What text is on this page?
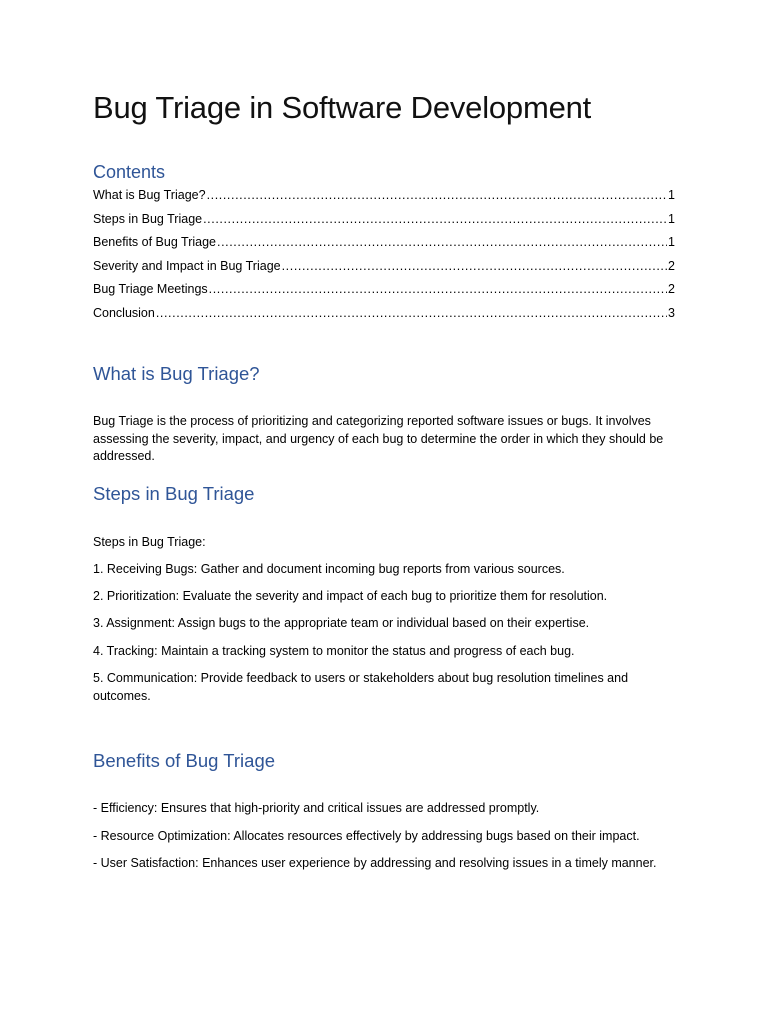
Bug Triage in Software Development
Contents
What is Bug Triage? .....	1
Steps in Bug Triage .....	1
Benefits of Bug Triage .....	1
Severity and Impact in Bug Triage .....	2
Bug Triage Meetings .....	2
Conclusion .....	3
What is Bug Triage?

Bug Triage is the process of prioritizing and categorizing reported software issues or bugs. It involves assessing the severity, impact, and urgency of each bug to determine the order in which they should be addressed.

Steps in Bug Triage

Steps in Bug Triage:

1. Receiving Bugs: Gather and document incoming bug reports from various sources.

2. Prioritization: Evaluate the severity and impact of each bug to prioritize them for resolution.

3. Assignment: Assign bugs to the appropriate team or individual based on their expertise.

4. Tracking: Maintain a tracking system to monitor the status and progress of each bug.

5. Communication: Provide feedback to users or stakeholders about bug resolution timelines and outcomes.

Benefits of Bug Triage

- Efficiency: Ensures that high-priority and critical issues are addressed promptly.

- Resource Optimization: Allocates resources effectively by addressing bugs based on their impact.

- User Satisfaction: Enhances user experience by addressing and resolving issues in a timely manner.
